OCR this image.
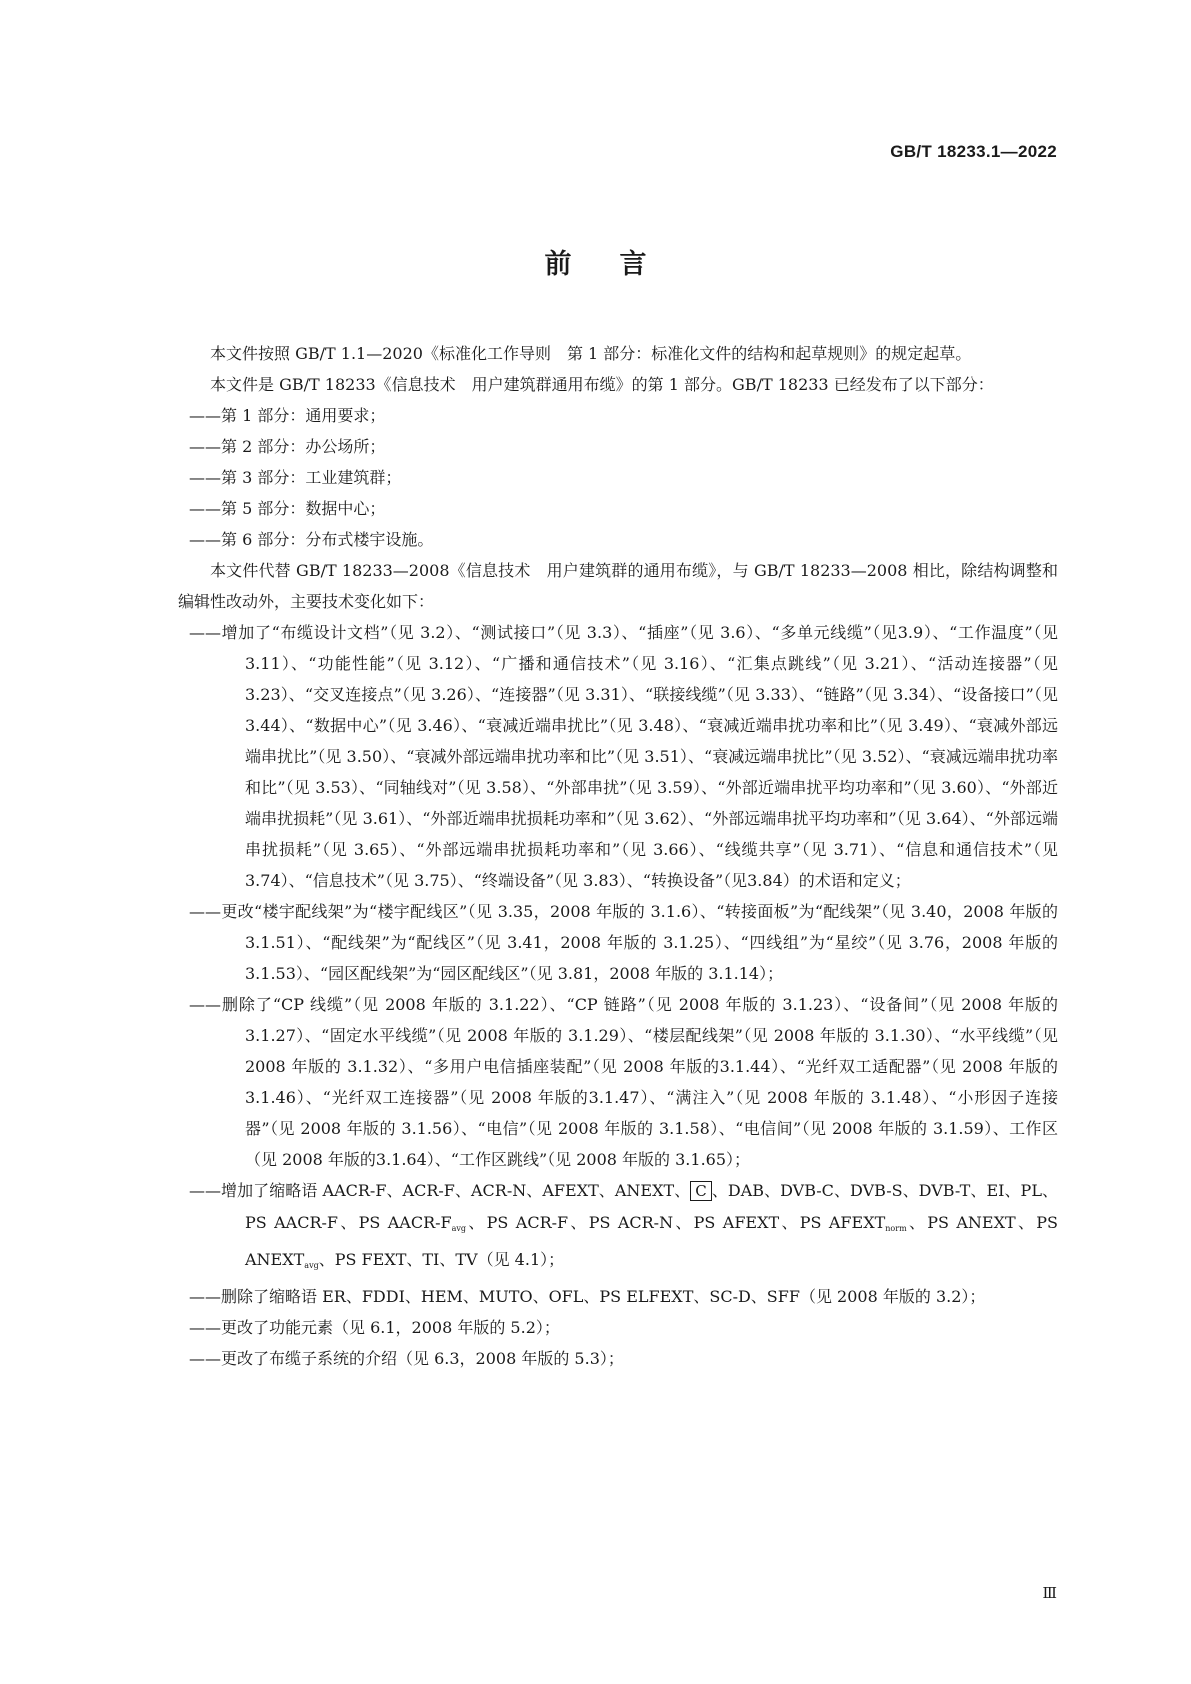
GB/T 18233.1—2022
前言

本文件按照 GB/T 1.1—2020《标准化工作导则　第 1 部分：标准化文件的结构和起草规则》的规定起草。

本文件是 GB/T 18233《信息技术　用户建筑群通用布缆》的第 1 部分。GB/T 18233 已经发布了以下部分：

——第 1 部分：通用要求；

——第 2 部分：办公场所；

——第 3 部分：工业建筑群；

——第 5 部分：数据中心；

——第 6 部分：分布式楼宇设施。

本文件代替 GB/T 18233—2008《信息技术　用户建筑群的通用布缆》，与 GB/T 18233—2008 相比，除结构调整和编辑性改动外，主要技术变化如下：

——增加了“布缆设计文档”（见 3.2）、“测试接口”（见 3.3）、“插座”（见 3.6）、“多单元线缆”（见3.9）、“工作温度”（见 3.11）、“功能性能”（见 3.12）、“广播和通信技术”（见 3.16）、“汇集点跳线”（见 3.21）、“活动连接器”（见 3.23）、“交叉连接点”（见 3.26）、“连接器”（见 3.31）、“联接线缆”（见 3.33）、“链路”（见 3.34）、“设备接口”（见 3.44）、“数据中心”（见 3.46）、“衰减近端串扰比”（见 3.48）、“衰减近端串扰功率和比”（见 3.49）、“衰减外部远端串扰比”（见 3.50）、“衰减外部远端串扰功率和比”（见 3.51）、“衰减远端串扰比”（见 3.52）、“衰减远端串扰功率和比”（见 3.53）、“同轴线对”（见 3.58）、“外部串扰”（见 3.59）、“外部近端串扰平均功率和”（见 3.60）、“外部近端串扰损耗”（见 3.61）、“外部近端串扰损耗功率和”（见 3.62）、“外部远端串扰平均功率和”（见 3.64）、“外部远端串扰损耗”（见 3.65）、“外部远端串扰损耗功率和”（见 3.66）、“线缆共享”（见 3.71）、“信息和通信技术”（见 3.74）、“信息技术”（见 3.75）、“终端设备”（见 3.83）、“转换设备”（见3.84）的术语和定义；

——更改“楼宇配线架”为“楼宇配线区”（见 3.35，2008 年版的 3.1.6）、“转接面板”为“配线架”（见 3.40，2008 年版的 3.1.51）、“配线架”为“配线区”（见 3.41，2008 年版的 3.1.25）、“四线组”为“星绞”（见 3.76，2008 年版的 3.1.53）、“园区配线架”为“园区配线区”（见 3.81，2008 年版的 3.1.14）；

——删除了“CP 线缆”（见 2008 年版的 3.1.22）、“CP 链路”（见 2008 年版的 3.1.23）、“设备间”（见 2008 年版的 3.1.27）、“固定水平线缆”（见 2008 年版的 3.1.29）、“楼层配线架”（见 2008 年版的 3.1.30）、“水平线缆”（见 2008 年版的 3.1.32）、“多用户电信插座装配”（见 2008 年版的3.1.44）、“光纤双工适配器”（见 2008 年版的 3.1.46）、“光纤双工连接器”（见 2008 年版的3.1.47）、“满注入”（见 2008 年版的 3.1.48）、“小形因子连接器”（见 2008 年版的 3.1.56）、“电信”（见 2008 年版的 3.1.58）、“电信间”（见 2008 年版的 3.1.59）、工作区（见 2008 年版的3.1.64）、“工作区跳线”（见 2008 年版的 3.1.65）；

——增加了缩略语 AACR-F、ACR-F、ACR-N、AFEXT、ANEXT、 C 、DAB、DVB-C、DVB-S、DVB-T、EI、PL、PS AACR-F、PS AACR-$F_{avg}$、PS ACR-F、PS ACR-N、PS AFEXT、PS $AFEXT_{norm}$、PS ANEXT、PS $ANEXT_{avg}$、PS FEXT、TI、TV（见 4.1）；

——删除了缩略语 ER、FDDI、HEM、MUTO、OFL、PS ELFEXT、SC-D、SFF（见 2008 年版的 3.2）；

——更改了功能元素（见 6.1，2008 年版的 5.2）；

——更改了布缆子系统的介绍（见 6.3，2008 年版的 5.3）；

Ⅲ
